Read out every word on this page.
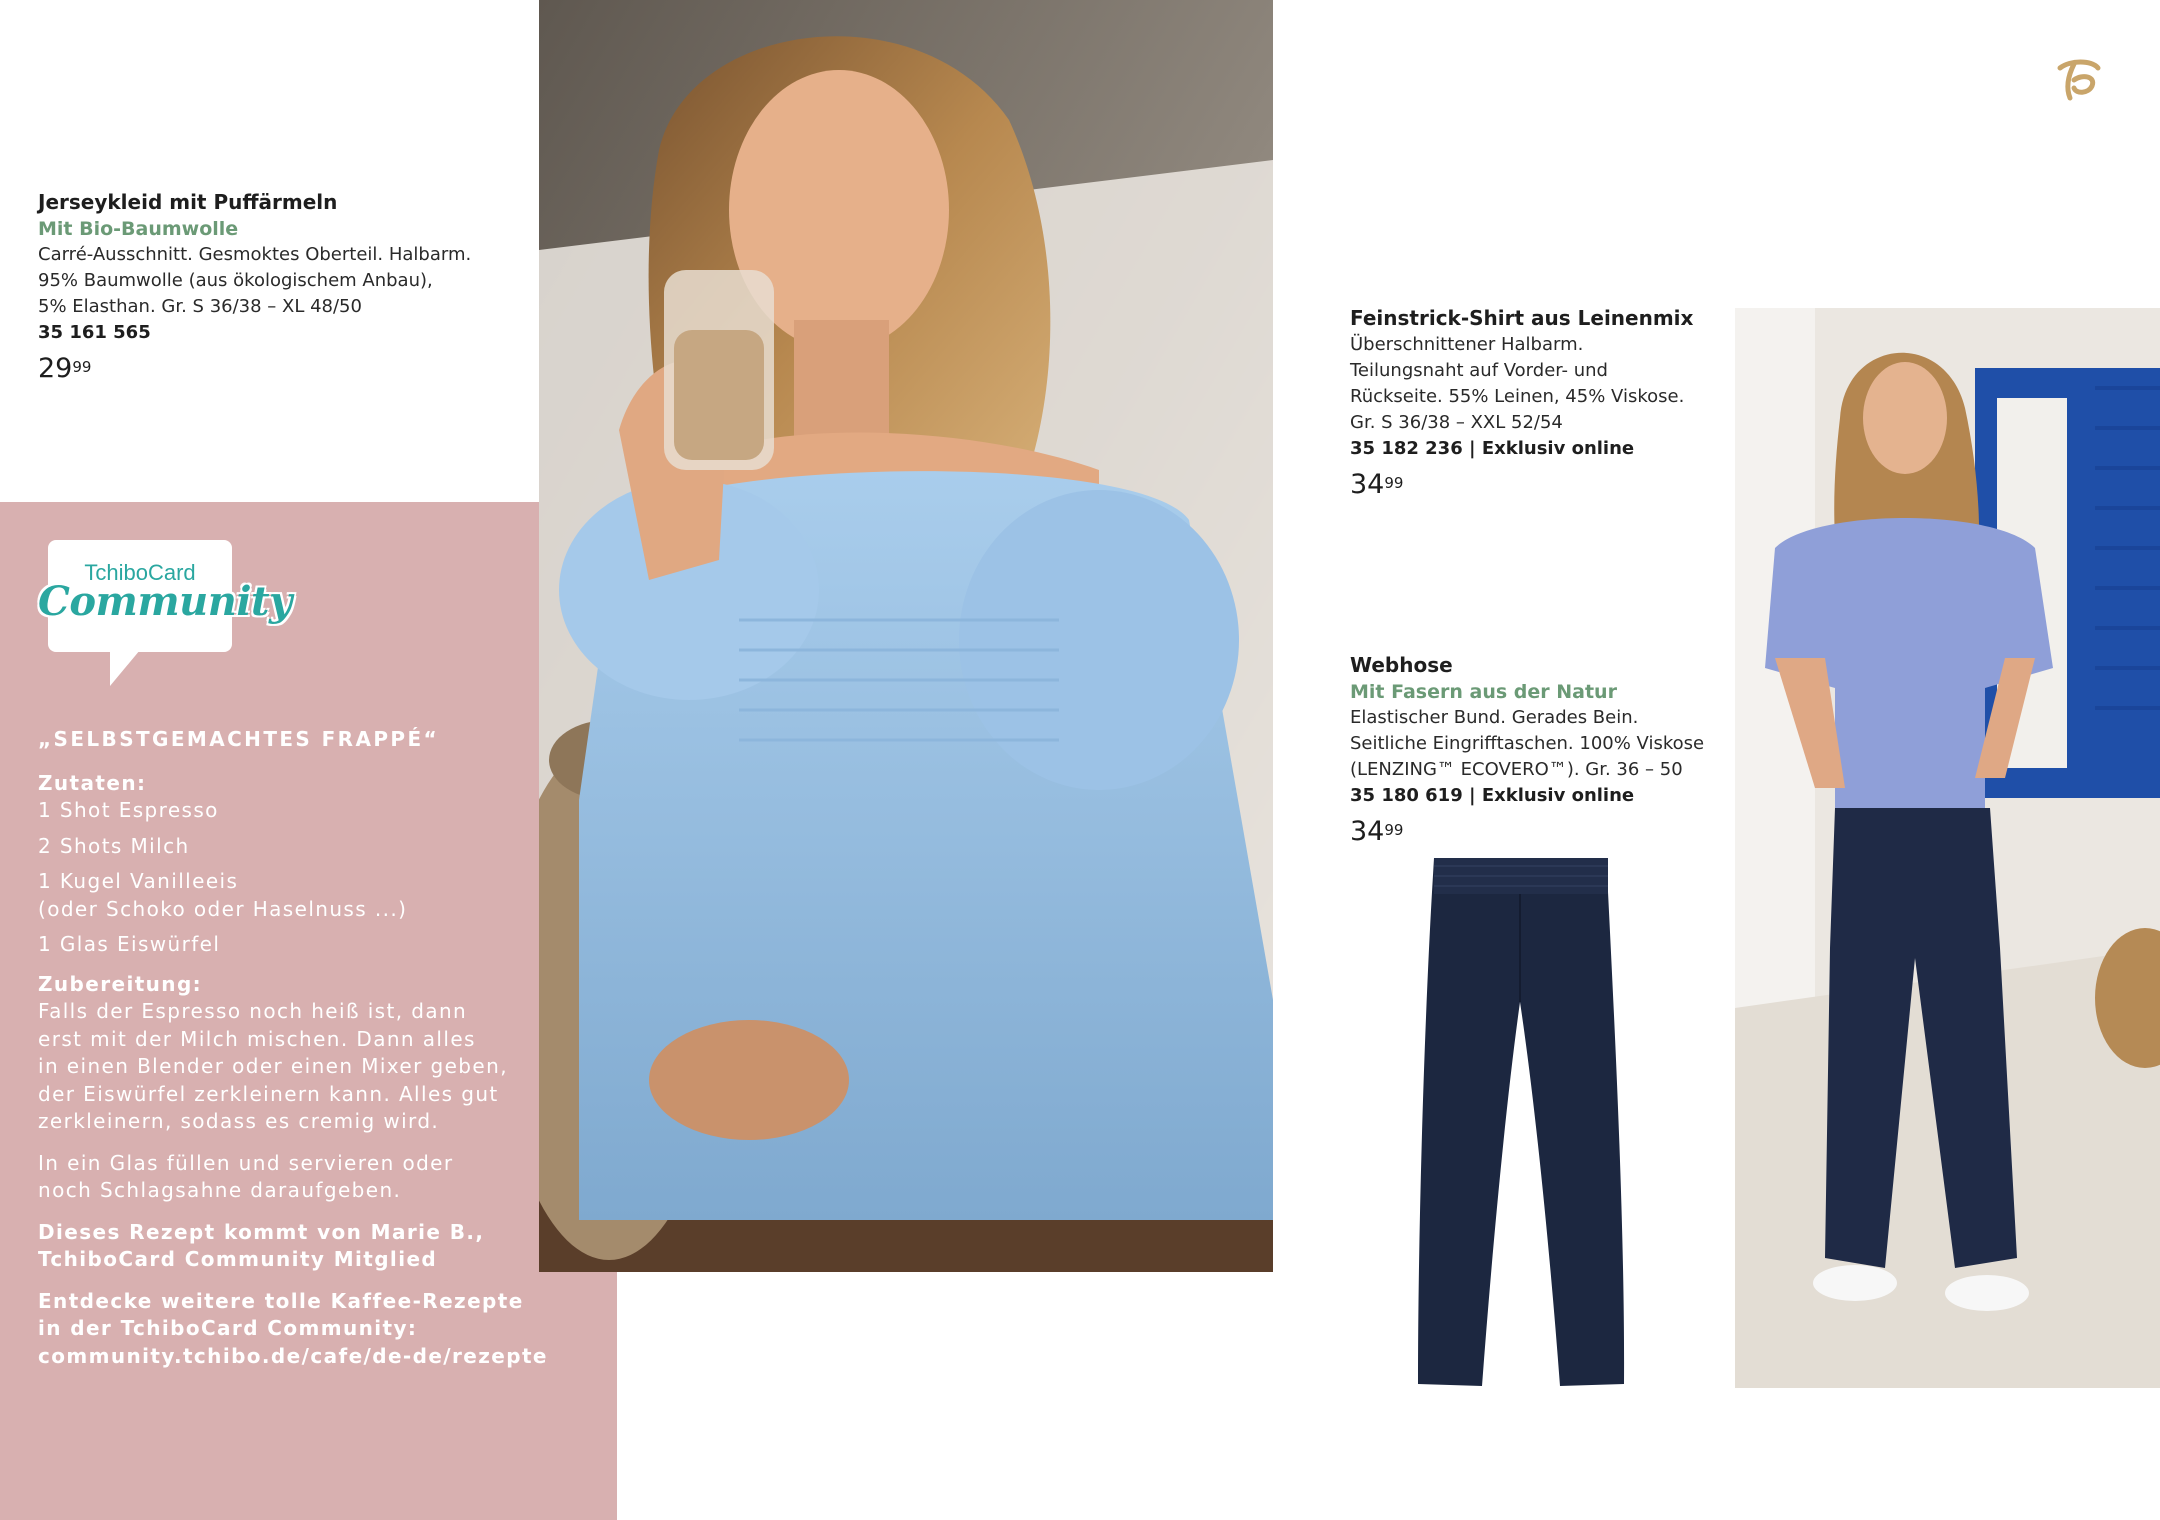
Jerseykleid mit Puffärmeln
Mit Bio-Baumwolle
Carré-Ausschnitt. Gesmoktes Oberteil. Halbarm.
95% Baumwolle (aus ökologischem Anbau),
5% Elasthan. Gr. S 36/38 – XL 48/50
35 161 565
$29^{99}$
TchiboCard
Community
„SELBSTGEMACHTES FRAPPÉ“
Zutaten:
1 Shot Espresso
2 Shots Milch
1 Kugel Vanilleeis
(oder Schoko oder Haselnuss ...)
1 Glas Eiswürfel
Zubereitung:
Falls der Espresso noch heiß ist, dann
erst mit der Milch mischen. Dann alles
in einen Blender oder einen Mixer geben,
der Eiswürfel zerkleinern kann. Alles gut
zerkleinern, sodass es cremig wird.
In ein Glas füllen und servieren oder
noch Schlagsahne daraufgeben.
Dieses Rezept kommt von Marie B.,
TchiboCard Community Mitglied
Entdecke weitere tolle Kaffee-Rezepte
in der TchiboCard Community:
community.tchibo.de/cafe/de-de/rezepte
Feinstrick-Shirt aus Leinenmix
Überschnittener Halbarm.
Teilungsnaht auf Vorder- und
Rückseite. 55% Leinen, 45% Viskose.
Gr. S 36/38 – XXL 52/54
35 182 236 | Exklusiv online
$34^{99}$
Webhose
Mit Fasern aus der Natur
Elastischer Bund. Gerades Bein.
Seitliche Eingrifftaschen. 100% Viskose
(LENZING™ ECOVERO™). Gr. 36 – 50
35 180 619 | Exklusiv online
$34^{99}$
